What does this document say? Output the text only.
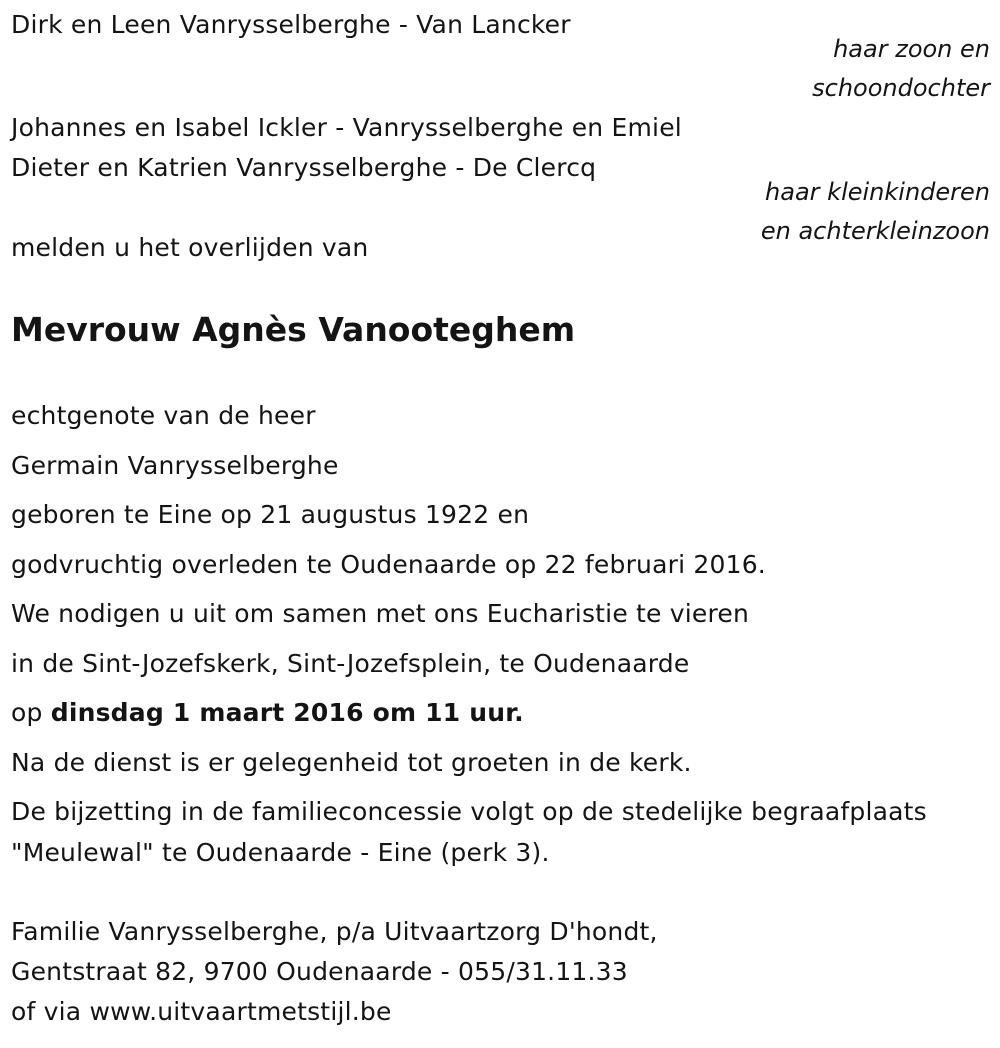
Dirk en Leen Vanrysselberghe - Van Lancker
haar zoon en
schoondochter
Johannes en Isabel Ickler - Vanrysselberghe en Emiel
Dieter en Katrien Vanrysselberghe - De Clercq
haar kleinkinderen
en achterkleinzoon
melden u het overlijden van
Mevrouw Agnès Vanooteghem
echtgenote van de heer
Germain Vanrysselberghe
geboren te Eine op 21 augustus 1922 en
godvruchtig overleden te Oudenaarde op 22 februari 2016.
We nodigen u uit om samen met ons Eucharistie te vieren
in de Sint-Jozefskerk, Sint-Jozefsplein, te Oudenaarde
op dinsdag 1 maart 2016 om 11 uur.
Na de dienst is er gelegenheid tot groeten in de kerk.
De bijzetting in de familieconcessie volgt op de stedelijke begraafplaats
"Meulewal" te Oudenaarde - Eine (perk 3).
Familie Vanrysselberghe, p/a Uitvaartzorg D'hondt,
Gentstraat 82, 9700 Oudenaarde - 055/31.11.33
of via www.uitvaartmetstijl.be
